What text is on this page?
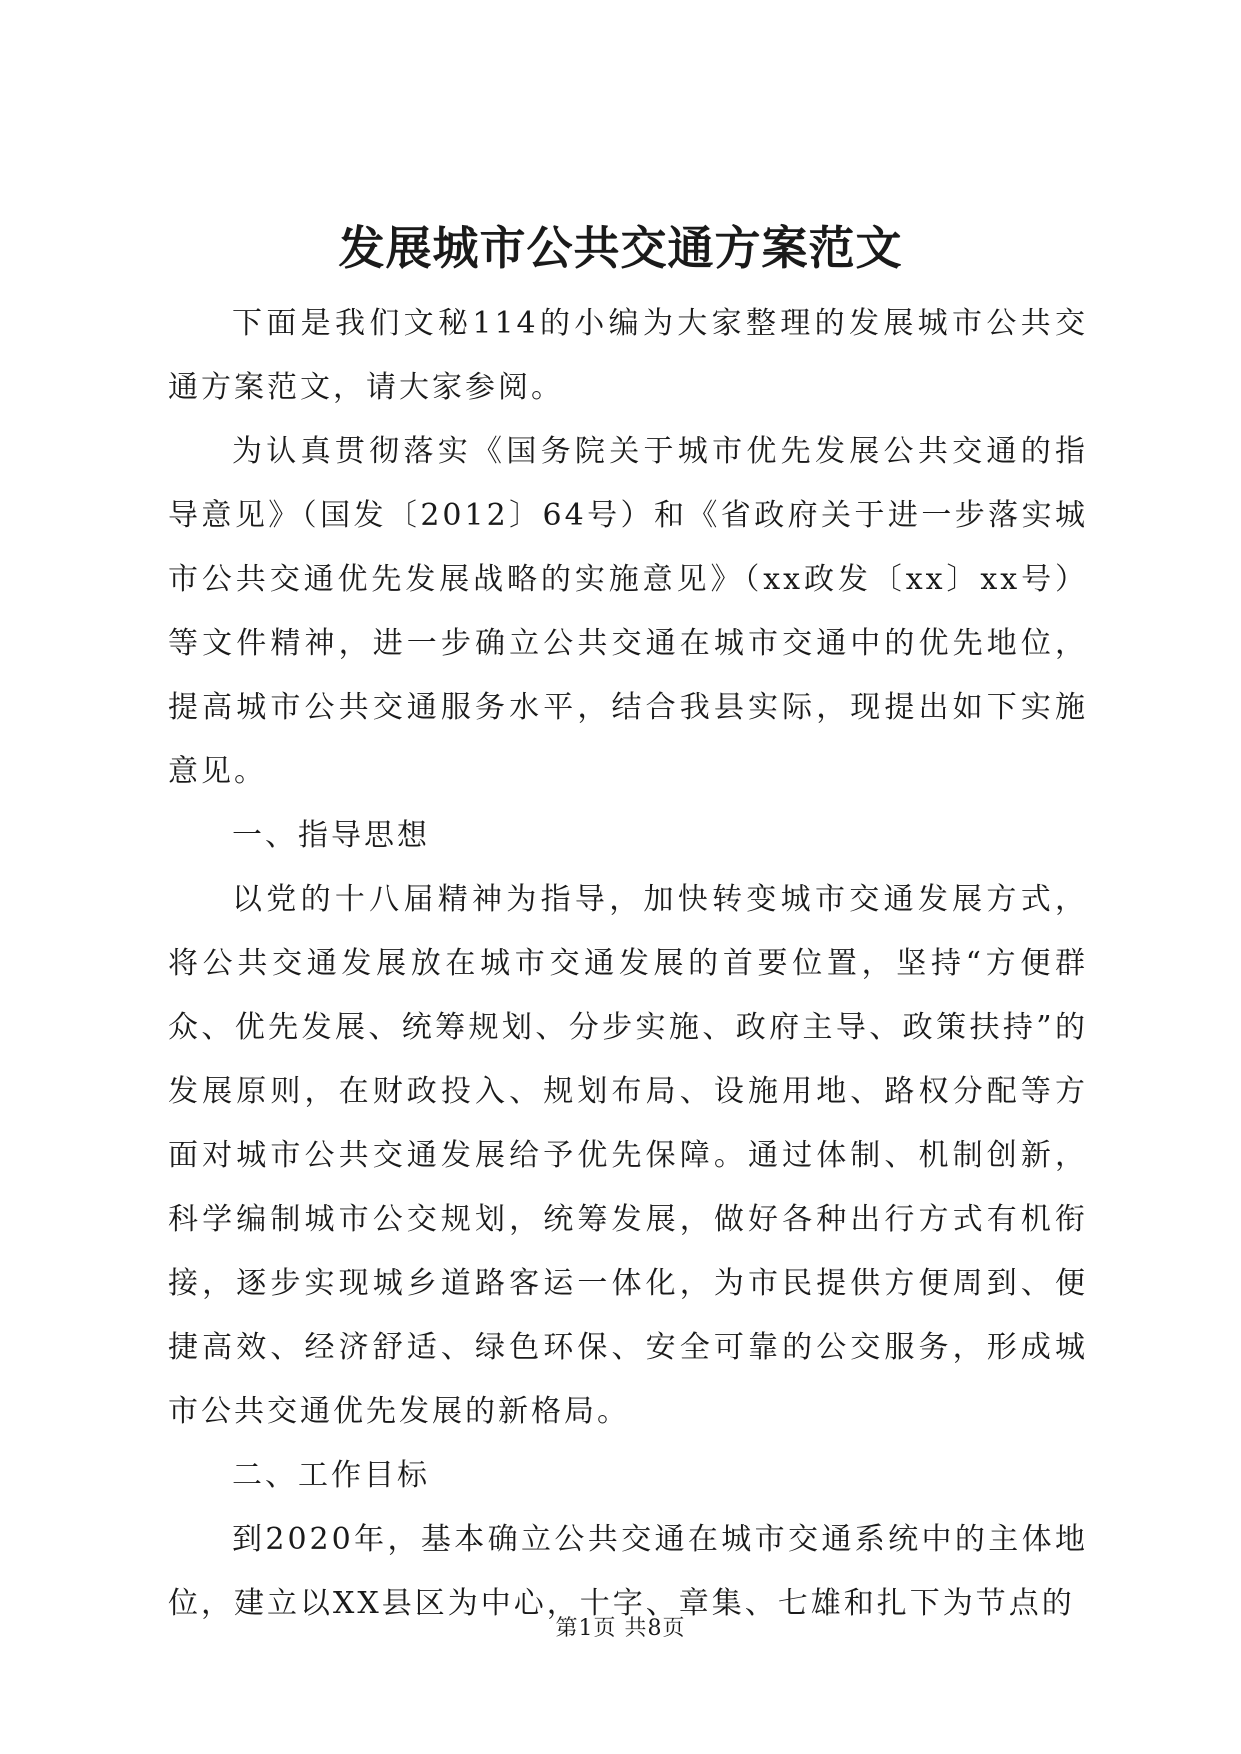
发展城市公共交通方案范文

下面是我们文秘114的小编为大家整理的发展城市公共交通方案范文，请大家参阅。

为认真贯彻落实《国务院关于城市优先发展公共交通的指导意见》（国发〔2012〕64号）和《省政府关于进一步落实城市公共交通优先发展战略的实施意见》（xx政发〔xx〕xx号）等文件精神，进一步确立公共交通在城市交通中的优先地位，提高城市公共交通服务水平，结合我县实际，现提出如下实施意见。

一、指导思想

以党的十八届精神为指导，加快转变城市交通发展方式，将公共交通发展放在城市交通发展的首要位置，坚持“方便群众、优先发展、统筹规划、分步实施、政府主导、政策扶持”的发展原则，在财政投入、规划布局、设施用地、路权分配等方面对城市公共交通发展给予优先保障。通过体制、机制创新，科学编制城市公交规划，统筹发展，做好各种出行方式有机衔接，逐步实现城乡道路客运一体化，为市民提供方便周到、便捷高效、经济舒适、绿色环保、安全可靠的公交服务，形成城市公共交通优先发展的新格局。

二、工作目标

到2020年，基本确立公共交通在城市交通系统中的主体地位，建立以XX县区为中心，十字、章集、七雄和扎下为节点的

第1页 共8页
